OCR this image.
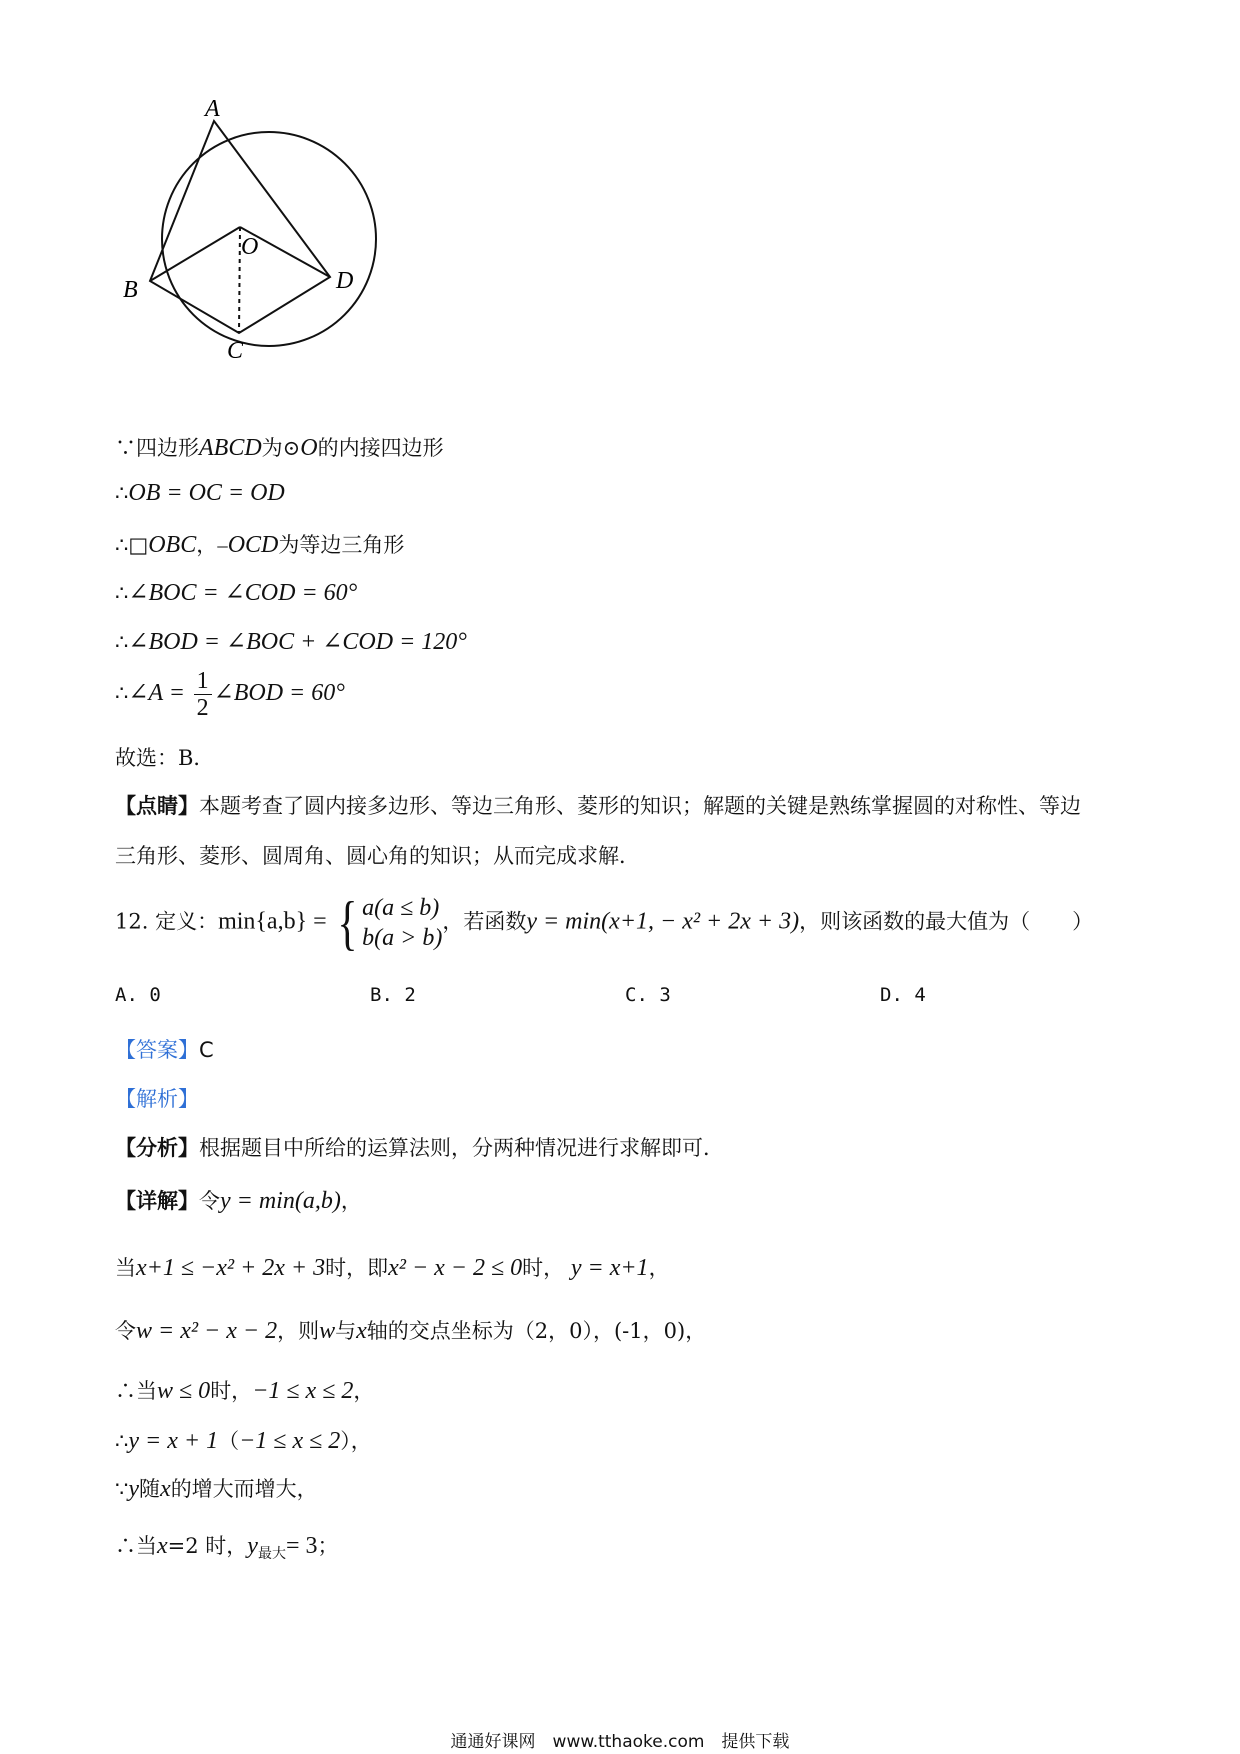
A
B
C
D
O
∵四边形ABCD为⊙O的内接四边形
∴OB = OC = OD
∴□OBC，⎯OCD为等边三角形
∴∠BOC = ∠COD = 60°
∴∠BOD = ∠BOC + ∠COD = 120°
∴∠A = $\frac{1}{2}$ ∠BOD = 60°
故选：B．
【点睛】本题考查了圆内接多边形、等边三角形、菱形的知识；解题的关键是熟练掌握圆的对称性、等边
三角形、菱形、圆周角、圆心角的知识；从而完成求解．
12. 定义：min{a,b} = { a(a ≤ b)
b(a > b)
，若函数y = min(x+1, − x² + 2x + 3)，则该函数的最大值为（　　）
A. 0	B. 2	C. 3	D. 4
【答案】C
【解析】
【分析】根据题目中所给的运算法则，分两种情况进行求解即可．
【详解】令y = min(a,b)，
当x+1 ≤ −x² + 2x + 3时，即x² − x − 2 ≤ 0时， y = x+1，
令w = x² − x − 2，则w与x轴的交点坐标为（2，0），(-1，0)，
∴当w ≤ 0时，−1 ≤ x ≤ 2，
∴y = x + 1（−1 ≤ x ≤ 2），
∵y随x的增大而增大，
∴当x=2 时，$y_{最大}= 3$；
通通好课网　www.tthaoke.com　提供下载
